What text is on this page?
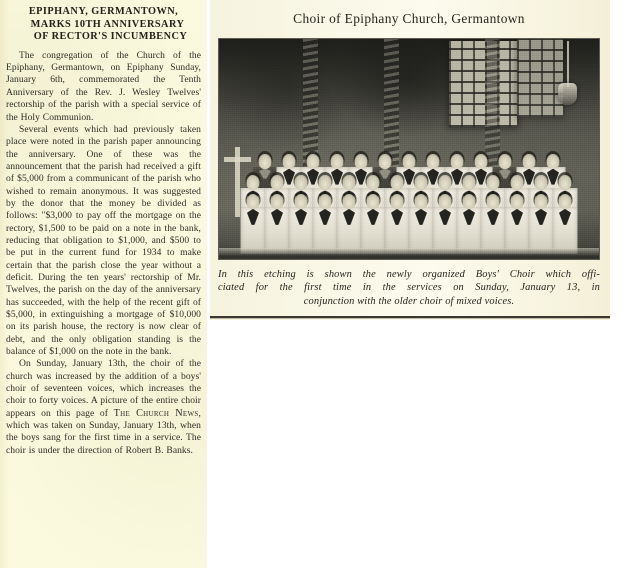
EPIPHANY, GERMANTOWN,
MARKS 10TH ANNIVERSARY
OF RECTOR'S INCUMBENCY

The congregation of the Church of the Epiphany, Germantown, on Epiphany Sunday, January 6th, commemorated the Tenth Anniversary of the Rev. J. Wesley Twelves' rectorship of the parish with a special service of the Holy Communion.

Several events which had previously taken place were noted in the parish paper announcing the anniversary. One of these was the announcement that the parish had received a gift of $5,000 from a communicant of the parish who wished to remain anonymous. It was suggested by the donor that the money be divided as follows: "$3,000 to pay off the mortgage on the rectory, $1,500 to be paid on a note in the bank, reducing that obligation to $1,000, and $500 to be put in the current fund for 1934 to make certain that the parish close the year without a deficit. During the ten years' rectorship of Mr. Twelves, the parish on the day of the anniversary has succeeded, with the help of the recent gift of $5,000, in extinguishing a mortgage of $10,000 on its parish house, the rectory is now clear of debt, and the only obligation standing is the balance of $1,000 on the note in the bank.

On Sunday, January 13th, the choir of the church was increased by the addition of a boys' choir of seventeen voices, which increases the choir to forty voices. A picture of the entire choir appears on this page of The Church News, which was taken on Sunday, January 13th, when the boys sang for the first time in a service. The choir is under the direction of Robert B. Banks.

Choir of Epiphany Church, Germantown
In this etching is shown the newly organized Boys' Choir which offi-
ciated for the first time in the services on Sunday, January 13, in
conjunction with the older choir of mixed voices.
